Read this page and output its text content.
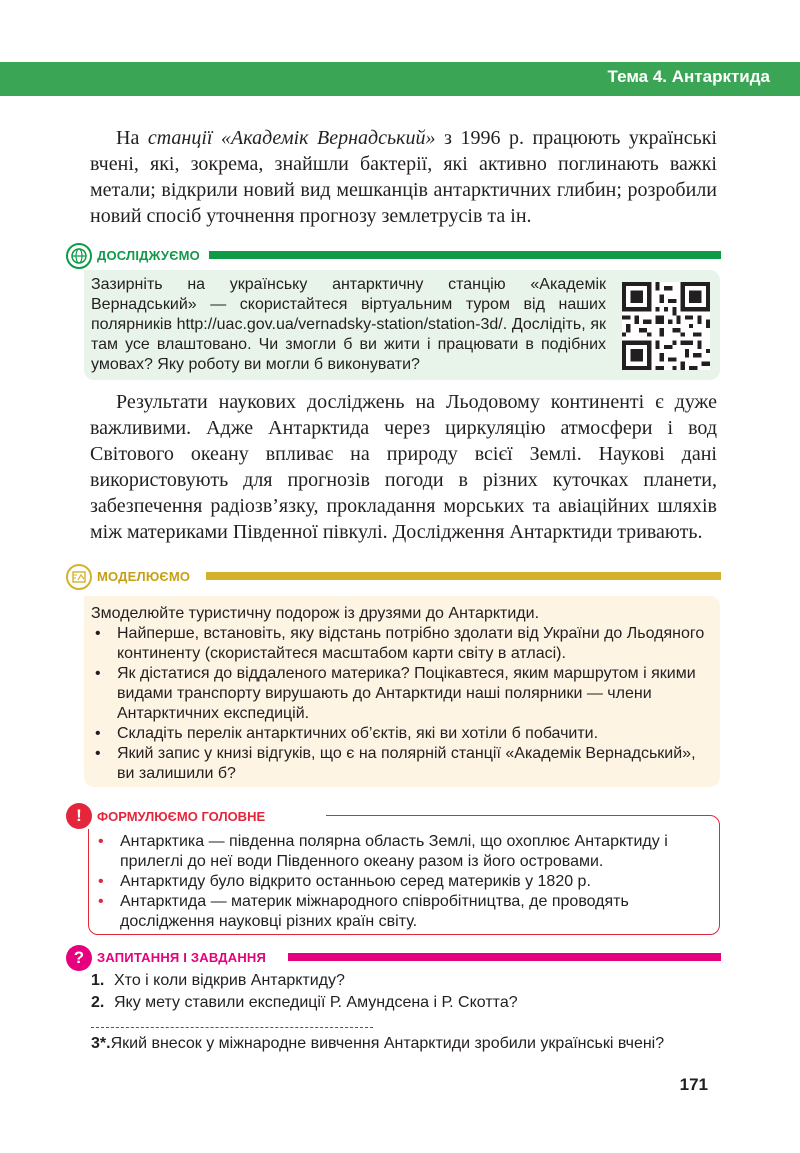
Тема 4. Антарктида
На станції «Академік Вернадський» з 1996 р. працюють українські вчені, які, зокрема, знайшли бактерії, які активно поглинають важкі метали; відкрили новий вид мешканців антарктичних глибин; розробили новий спосіб уточнення прогнозу землетрусів та ін.
ДОСЛІДЖУЄМО
Зазирніть на українську антарктичну станцію «Академік Вернадський» — скористайтеся віртуальним туром від наших полярників http://uac.gov.ua/vernadsky-station/station-3d/. Дослідіть, як там усе влаштовано. Чи змогли б ви жити і працювати в подібних умовах? Яку роботу ви могли б виконувати?
Результати наукових досліджень на Льодовому континенті є дуже важливими. Адже Антарктида через циркуляцію атмосфери і вод Світового океану впливає на природу всієї Землі. Наукові дані використовують для прогнозів погоди в різних куточках планети, забезпечення радіозв’язку, прокладання морських та авіаційних шляхів між материками Південної півкулі. Дослідження Антарктиди тривають.
МОДЕЛЮЄМО
Змоделюйте туристичну подорож із друзями до Антарктиди.
• Найперше, встановіть, яку відстань потрібно здолати від України до Льодяного континенту (скористайтеся масштабом карти світу в атласі).
• Як дістатися до віддаленого материка? Поцікавтеся, яким маршрутом і якими видами транспорту вирушають до Антарктиди наші полярники — члени Антарктичних експедицій.
• Складіть перелік антарктичних об’єктів, які ви хотіли б побачити.
• Який запис у книзі відгуків, що є на полярній станції «Академік Вернадський», ви залишили б?
• Антарктика — південна полярна область Землі, що охоплює Антарктиду і прилеглі до неї води Південного океану разом із його островами.
• Антарктиду було відкрито останньою серед материків у 1820 р.
• Антарктида — материк міжнародного співробітництва, де проводять дослідження науковці різних країн світу.
!	ФОРМУЛЮЄМО ГОЛОВНЕ
? ЗАПИТАННЯ І ЗАВДАННЯ
1. Хто і коли відкрив Антарктиду?
2. Яку мету ставили експедиції Р. Амундсена і Р. Скотта?
3*.Який внесок у міжнародне вивчення Антарктиди зробили українські вчені?
171
